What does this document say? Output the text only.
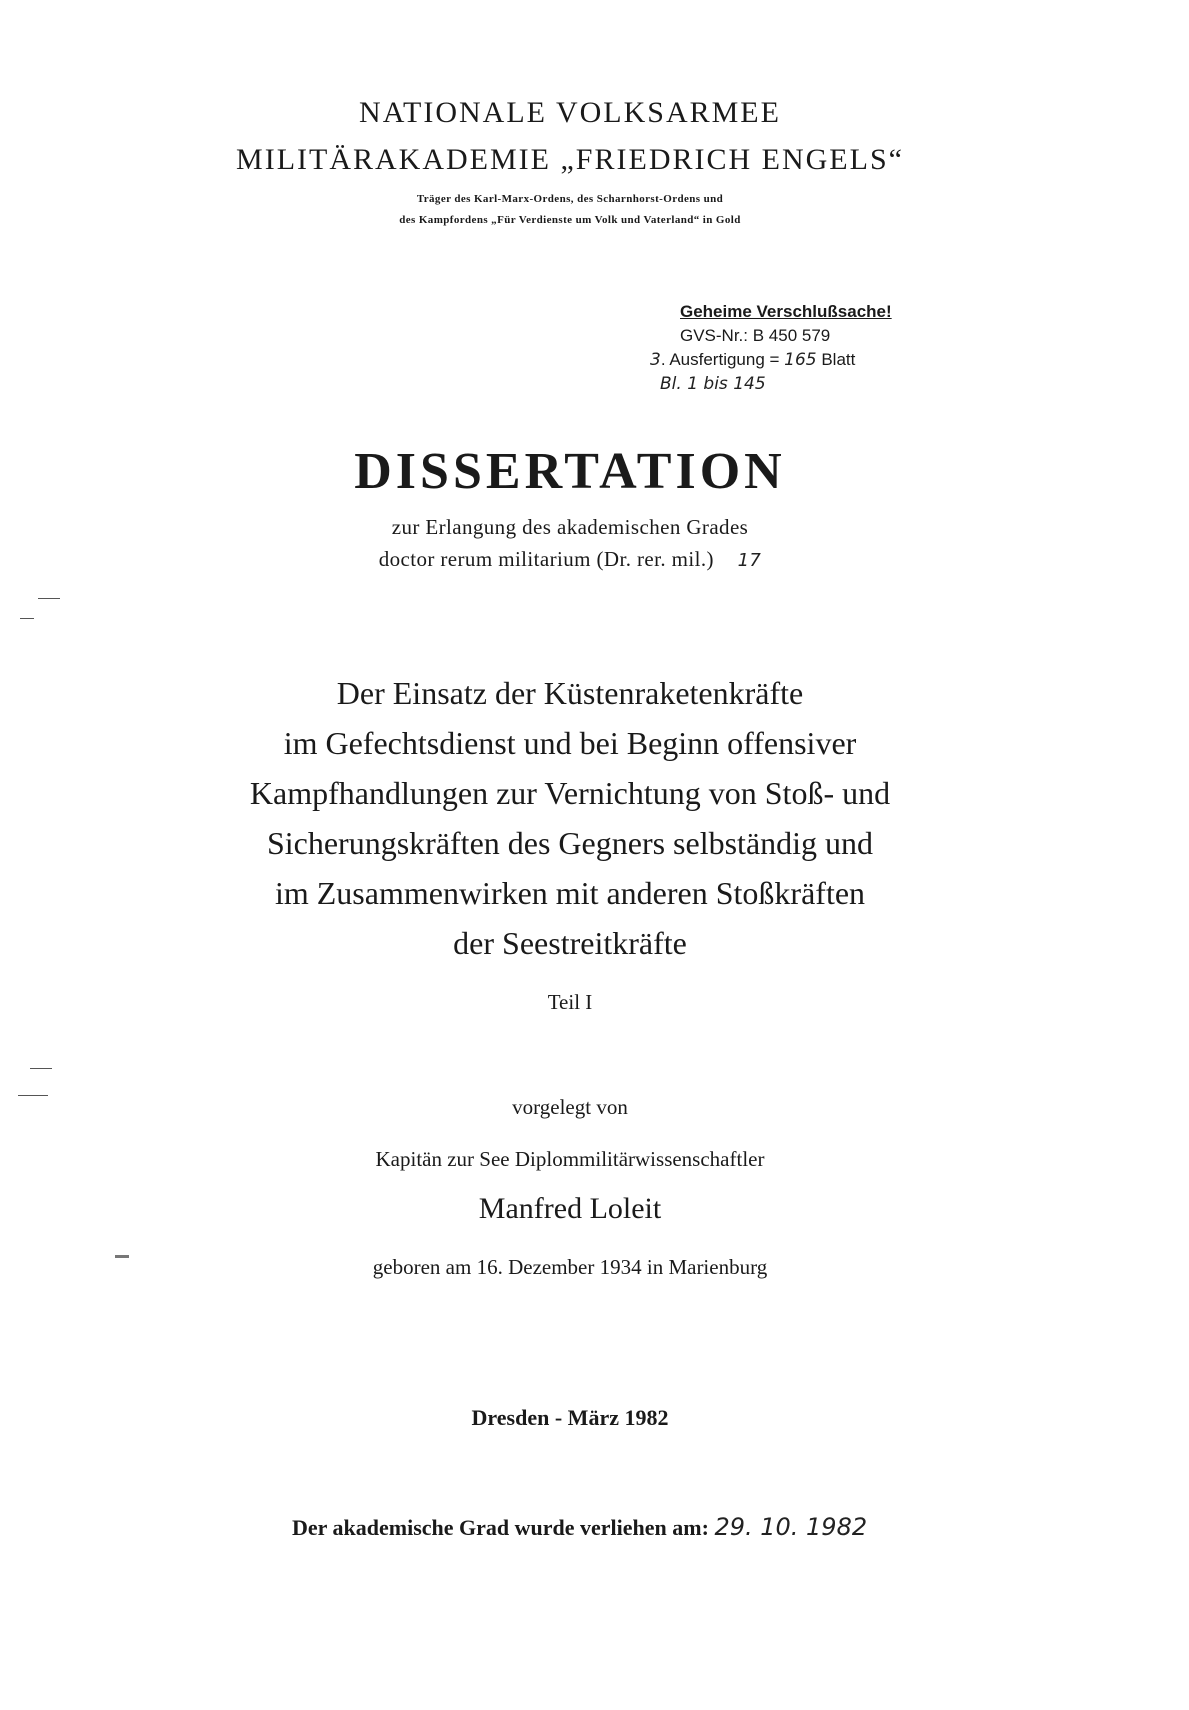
NATIONALE VOLKSARMEE
MILITÄRAKADEMIE „FRIEDRICH ENGELS“
Träger des Karl-Marx-Ordens, des Scharnhorst-Ordens und
des Kampfordens „Für Verdienste um Volk und Vaterland“ in Gold
Geheime Verschlußsache!
GVS-Nr.: B 450 579
3. Ausfertigung = 165 Blatt
Bl. 1 bis 145
DISSERTATION
zur Erlangung des akademischen Grades
doctor rerum militarium (Dr. rer. mil.) 17
Der Einsatz der Küstenraketenkräfte
im Gefechtsdienst und bei Beginn offensiver
Kampfhandlungen zur Vernichtung von Stoß- und
Sicherungskräften des Gegners selbständig und
im Zusammenwirken mit anderen Stoßkräften
der Seestreitkräfte
Teil I
vorgelegt von
Kapitän zur See Diplommilitärwissenschaftler
Manfred Loleit
geboren am 16. Dezember 1934 in Marienburg
Dresden - März 1982
Der akademische Grad wurde verliehen am: 29. 10. 1982
